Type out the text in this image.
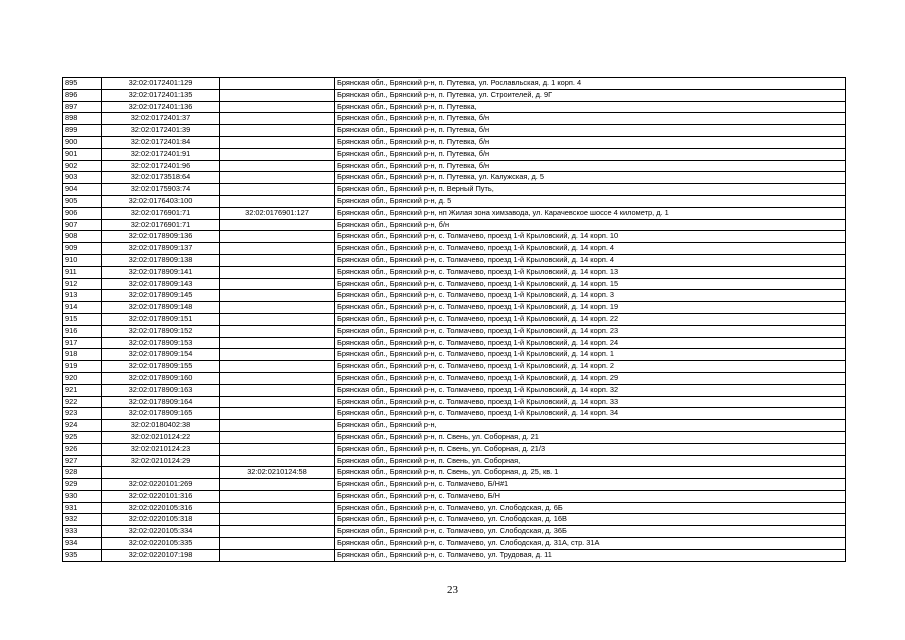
895	32:02:0172401:129		Брянская обл., Брянский р-н, п. Путевка, ул. Рославльская, д. 1 корп. 4
896	32:02:0172401:135		Брянская обл., Брянский р-н, п. Путевка, ул. Строителей, д. 9Г
897	32:02:0172401:136		Брянская обл., Брянский р-н, п. Путевка,
898	32:02:0172401:37		Брянская обл., Брянский р-н, п. Путевка, б/н
899	32:02:0172401:39		Брянская обл., Брянский р-н, п. Путевка, б/н
900	32:02:0172401:84		Брянская обл., Брянский р-н, п. Путевка, б/н
901	32:02:0172401:91		Брянская обл., Брянский р-н, п. Путевка, б/н
902	32:02:0172401:96		Брянская обл., Брянский р-н, п. Путевка, б/н
903	32:02:0173518:64		Брянская обл., Брянский р-н, п. Путевка, ул. Калужская, д. 5
904	32:02:0175903:74		Брянская обл., Брянский р-н, п. Верный Путь,
905	32:02:0176403:100		Брянская обл., Брянский р-н, д. 5
906	32:02:0176901:71	32:02:0176901:127	Брянская обл., Брянский р-н, нп Жилая зона химзавода, ул. Карачевское шоссе 4 километр, д. 1
907	32:02:0176901:71		Брянская обл., Брянский р-н, б/н
908	32:02:0178909:136		Брянская обл., Брянский р-н, с. Толмачево, проезд 1-й Крыловский, д. 14 корп. 10
909	32:02:0178909:137		Брянская обл., Брянский р-н, с. Толмачево, проезд 1-й Крыловский, д. 14 корп. 4
910	32:02:0178909:138		Брянская обл., Брянский р-н, с. Толмачево, проезд 1-й Крыловский, д. 14 корп. 4
911	32:02:0178909:141		Брянская обл., Брянский р-н, с. Толмачево, проезд 1-й Крыловский, д. 14 корп. 13
912	32:02:0178909:143		Брянская обл., Брянский р-н, с. Толмачево, проезд 1-й Крыловский, д. 14 корп. 15
913	32:02:0178909:145		Брянская обл., Брянский р-н, с. Толмачево, проезд 1-й Крыловский, д. 14 корп. 3
914	32:02:0178909:148		Брянская обл., Брянский р-н, с. Толмачево, проезд 1-й Крыловский, д. 14 корп. 19
915	32:02:0178909:151		Брянская обл., Брянский р-н, с. Толмачево, проезд 1-й Крыловский, д. 14 корп. 22
916	32:02:0178909:152		Брянская обл., Брянский р-н, с. Толмачево, проезд 1-й Крыловский, д. 14 корп. 23
917	32:02:0178909:153		Брянская обл., Брянский р-н, с. Толмачево, проезд 1-й Крыловский, д. 14 корп. 24
918	32:02:0178909:154		Брянская обл., Брянский р-н, с. Толмачево, проезд 1-й Крыловский, д. 14 корп. 1
919	32:02:0178909:155		Брянская обл., Брянский р-н, с. Толмачево, проезд 1-й Крыловский, д. 14 корп. 2
920	32:02:0178909:160		Брянская обл., Брянский р-н, с. Толмачево, проезд 1-й Крыловский, д. 14 корп. 29
921	32:02:0178909:163		Брянская обл., Брянский р-н, с. Толмачево, проезд 1-й Крыловский, д. 14 корп. 32
922	32:02:0178909:164		Брянская обл., Брянский р-н, с. Толмачево, проезд 1-й Крыловский, д. 14 корп. 33
923	32:02:0178909:165		Брянская обл., Брянский р-н, с. Толмачево, проезд 1-й Крыловский, д. 14 корп. 34
924	32:02:0180402:38		Брянская обл., Брянский р-н,
925	32:02:0210124:22		Брянская обл., Брянский р-н, п. Свень, ул. Соборная, д. 21
926	32:02:0210124:23		Брянская обл., Брянский р-н, п. Свень, ул. Соборная, д. 21/3
927	32:02:0210124:29		Брянская обл., Брянский р-н, п. Свень, ул. Соборная,
928		32:02:0210124:58	Брянская обл., Брянский р-н, п. Свень, ул. Соборная, д. 25, кв. 1
929	32:02:0220101:269		Брянская обл., Брянский р-н, с. Толмачево, Б/Н#1
930	32:02:0220101:316		Брянская обл., Брянский р-н, с. Толмачево, Б/Н
931	32:02:0220105:316		Брянская обл., Брянский р-н, с. Толмачево, ул. Слободская, д. 6Б
932	32:02:0220105:318		Брянская обл., Брянский р-н, с. Толмачево, ул. Слободская, д. 16В
933	32:02:0220105:334		Брянская обл., Брянский р-н, с. Толмачево, ул. Слободская, д. 36Б
934	32:02:0220105:335		Брянская обл., Брянский р-н, с. Толмачево, ул. Слободская, д. 31А, стр. 31А
935	32:02:0220107:198		Брянская обл., Брянский р-н, с. Толмачево, ул. Трудовая, д. 11
23
